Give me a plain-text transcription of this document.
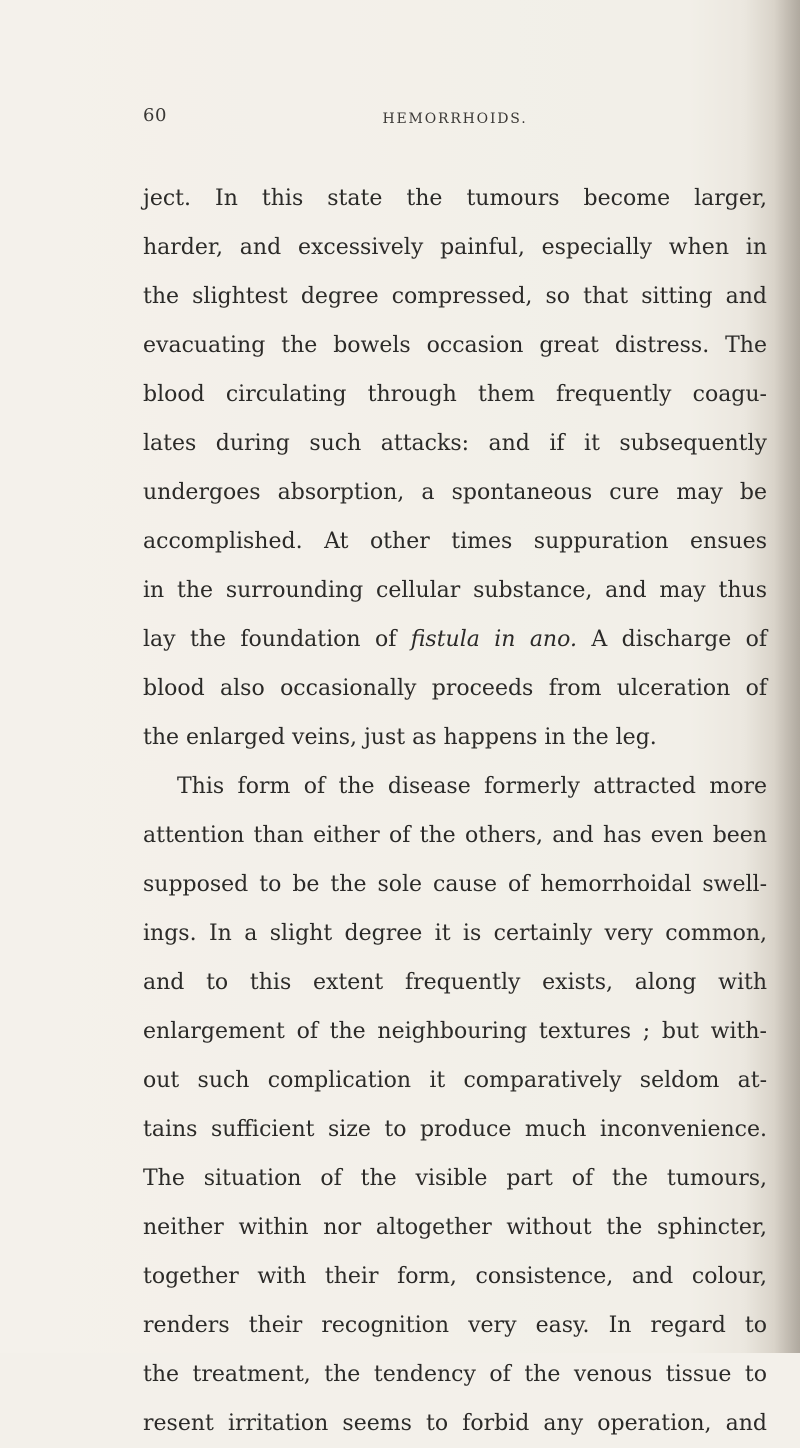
60	HEMORRHOIDS.
ject. In this state the tumours become larger,
harder, and excessively painful, especially when in
the slightest degree compressed, so that sitting and
evacuating the bowels occasion great distress. The
blood circulating through them frequently coagu-
lates during such attacks: and if it subsequently
undergoes absorption, a spontaneous cure may be
accomplished. At other times suppuration ensues
in the surrounding cellular substance, and may thus
lay the foundation of fistula in ano. A discharge of
blood also occasionally proceeds from ulceration of
the enlarged veins, just as happens in the leg.
This form of the disease formerly attracted more
attention than either of the others, and has even been
supposed to be the sole cause of hemorrhoidal swell-
ings. In a slight degree it is certainly very common,
and to this extent frequently exists, along with
enlargement of the neighbouring textures ; but with-
out such complication it comparatively seldom at-
tains sufficient size to produce much inconvenience.
The situation of the visible part of the tumours,
neither within nor altogether without the sphincter,
together with their form, consistence, and colour,
renders their recognition very easy. In regard to
the treatment, the tendency of the venous tissue to
resent irritation seems to forbid any operation, and
